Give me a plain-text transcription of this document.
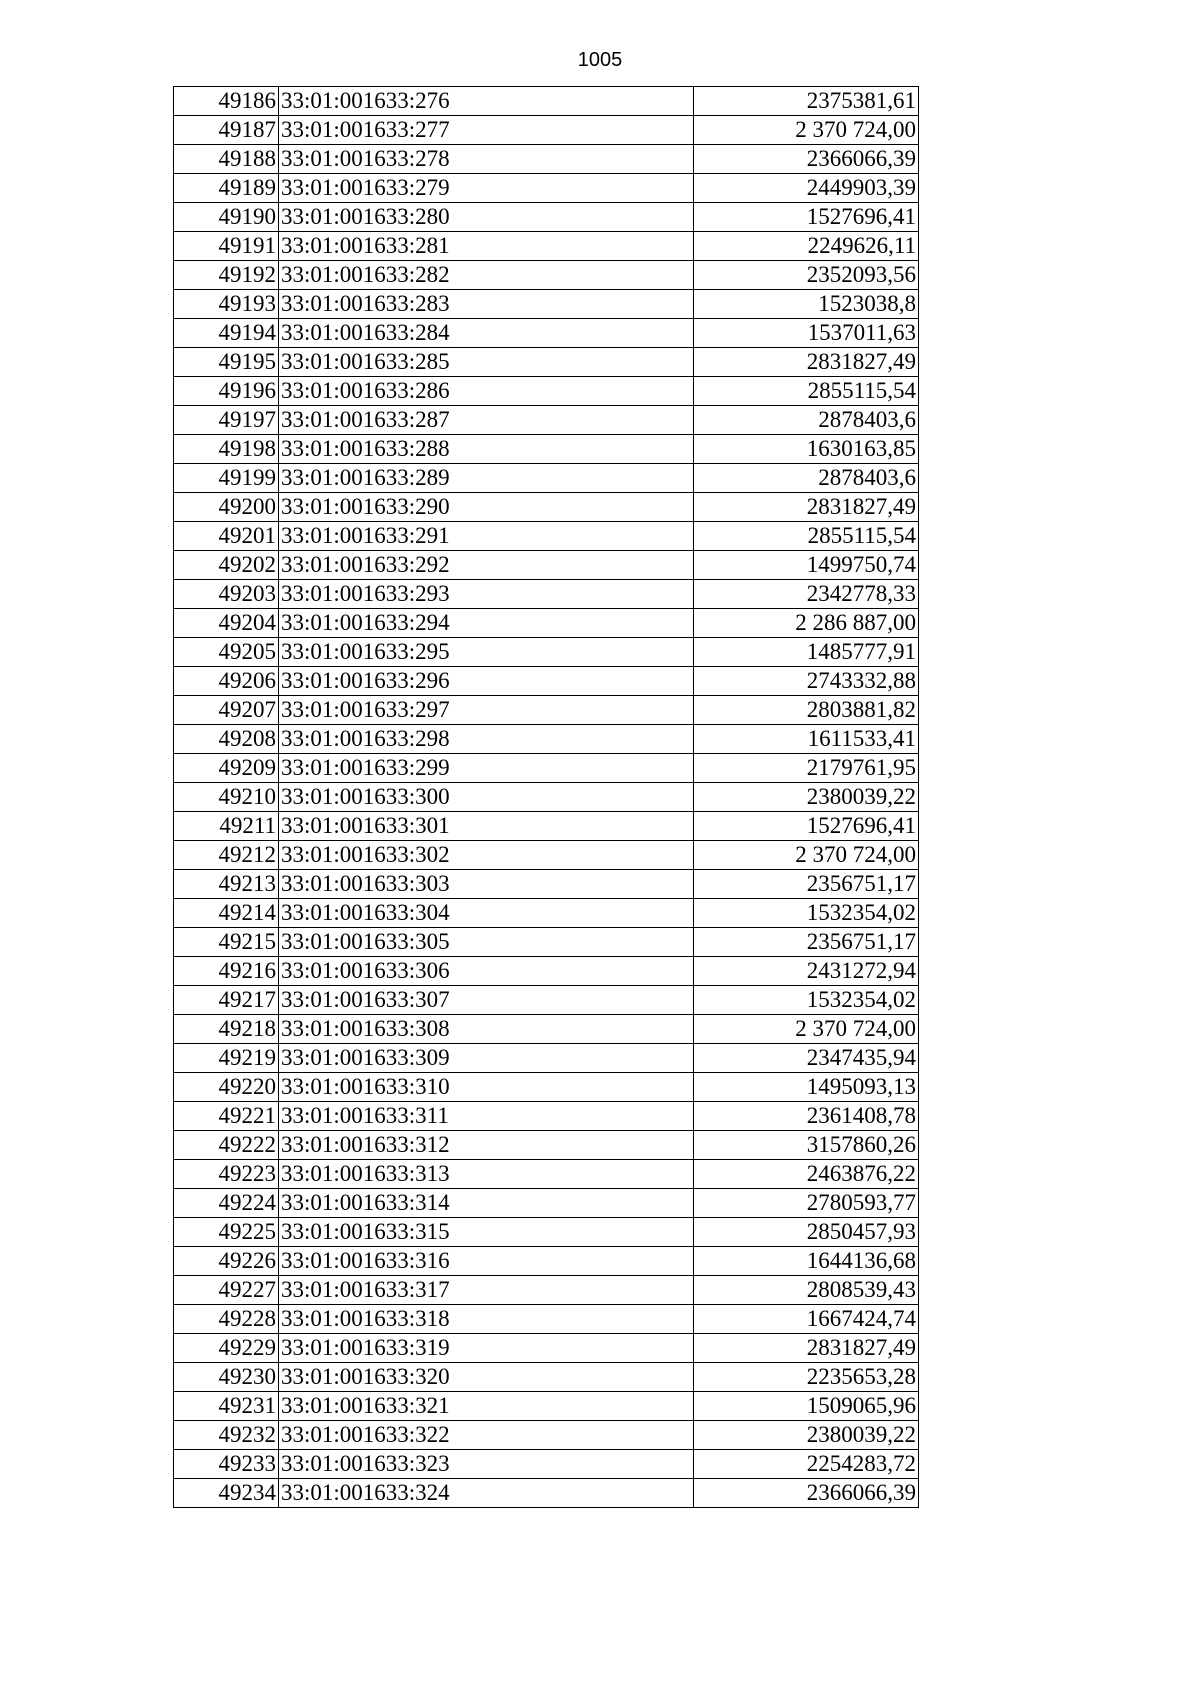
1005
49186	33:01:001633:276	2375381,61
49187	33:01:001633:277	2 370 724,00
49188	33:01:001633:278	2366066,39
49189	33:01:001633:279	2449903,39
49190	33:01:001633:280	1527696,41
49191	33:01:001633:281	2249626,11
49192	33:01:001633:282	2352093,56
49193	33:01:001633:283	1523038,8
49194	33:01:001633:284	1537011,63
49195	33:01:001633:285	2831827,49
49196	33:01:001633:286	2855115,54
49197	33:01:001633:287	2878403,6
49198	33:01:001633:288	1630163,85
49199	33:01:001633:289	2878403,6
49200	33:01:001633:290	2831827,49
49201	33:01:001633:291	2855115,54
49202	33:01:001633:292	1499750,74
49203	33:01:001633:293	2342778,33
49204	33:01:001633:294	2 286 887,00
49205	33:01:001633:295	1485777,91
49206	33:01:001633:296	2743332,88
49207	33:01:001633:297	2803881,82
49208	33:01:001633:298	1611533,41
49209	33:01:001633:299	2179761,95
49210	33:01:001633:300	2380039,22
49211	33:01:001633:301	1527696,41
49212	33:01:001633:302	2 370 724,00
49213	33:01:001633:303	2356751,17
49214	33:01:001633:304	1532354,02
49215	33:01:001633:305	2356751,17
49216	33:01:001633:306	2431272,94
49217	33:01:001633:307	1532354,02
49218	33:01:001633:308	2 370 724,00
49219	33:01:001633:309	2347435,94
49220	33:01:001633:310	1495093,13
49221	33:01:001633:311	2361408,78
49222	33:01:001633:312	3157860,26
49223	33:01:001633:313	2463876,22
49224	33:01:001633:314	2780593,77
49225	33:01:001633:315	2850457,93
49226	33:01:001633:316	1644136,68
49227	33:01:001633:317	2808539,43
49228	33:01:001633:318	1667424,74
49229	33:01:001633:319	2831827,49
49230	33:01:001633:320	2235653,28
49231	33:01:001633:321	1509065,96
49232	33:01:001633:322	2380039,22
49233	33:01:001633:323	2254283,72
49234	33:01:001633:324	2366066,39
